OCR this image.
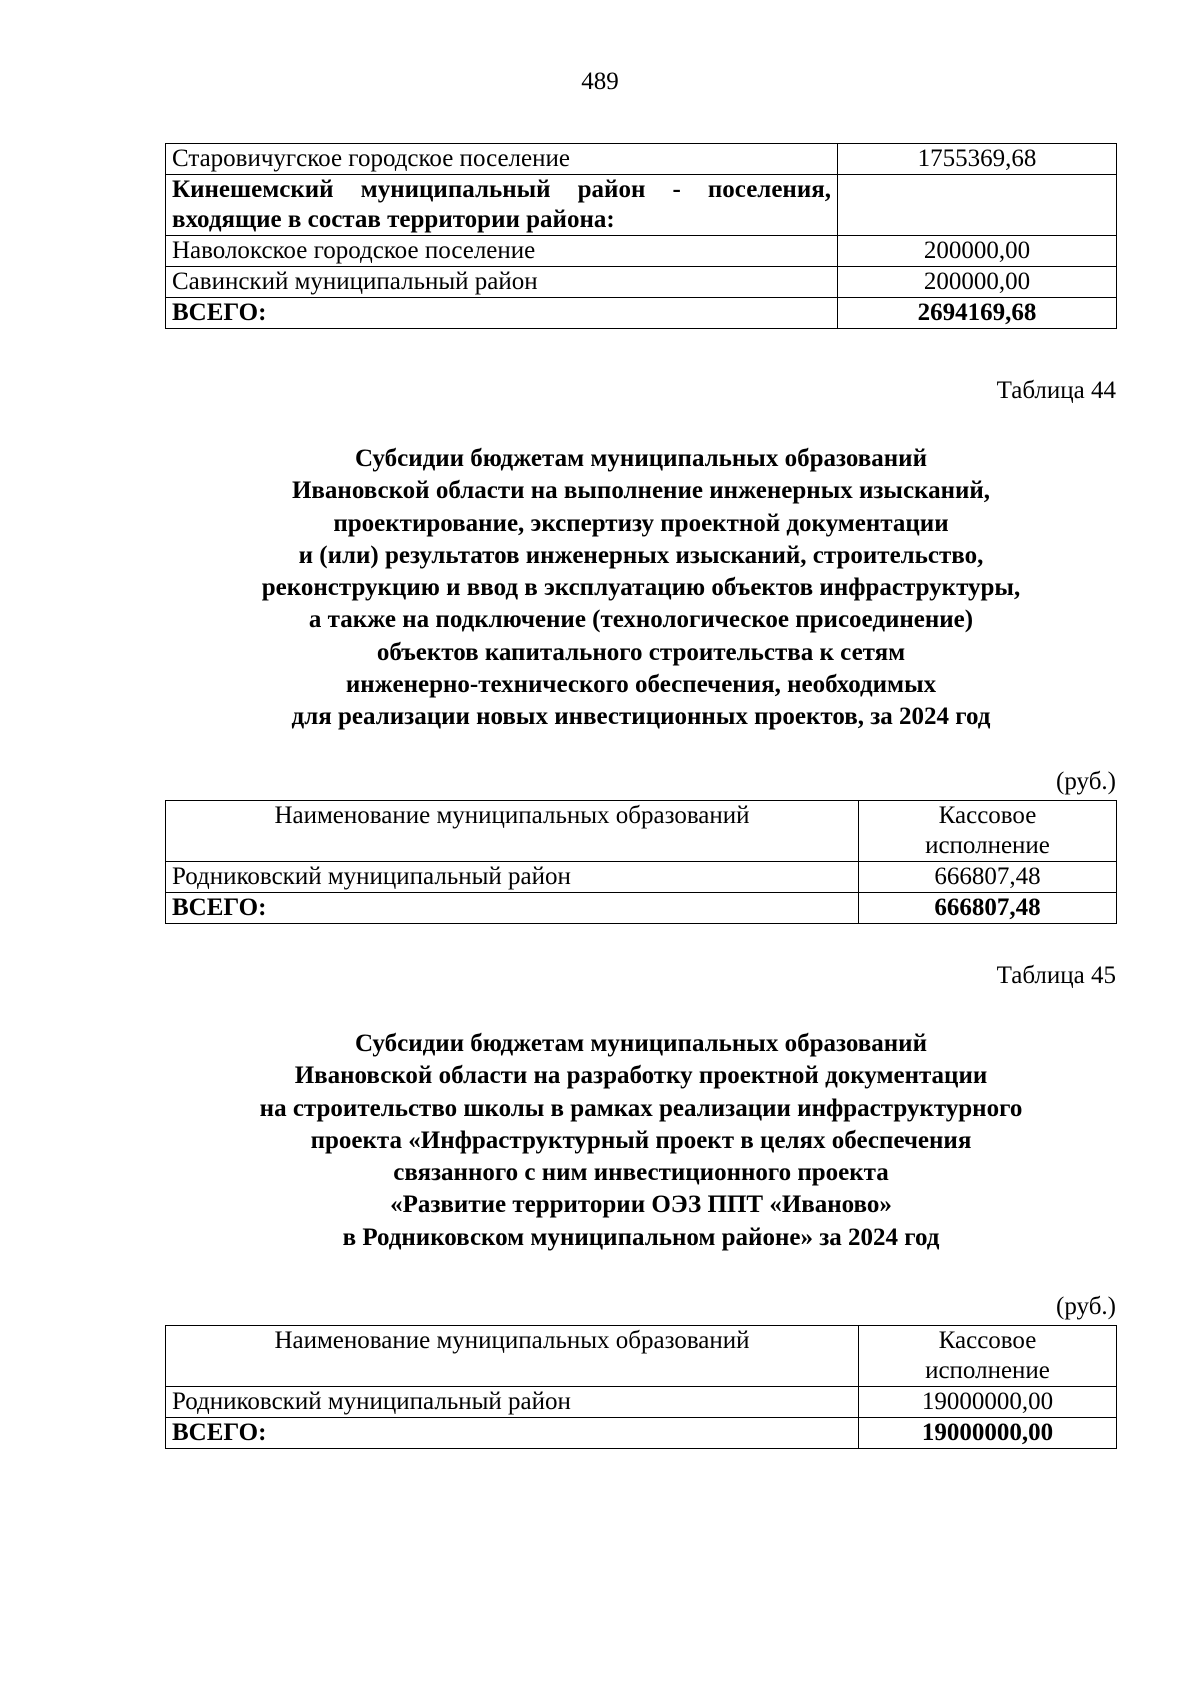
489
Старовичугское городское поселение	1755369,68

Кинешемский муниципальный район - поселения,
входящие в состав территории района:	

Наволокское городское поселение	200000,00
Савинский муниципальный район	200000,00
ВСЕГО:	2694169,68
Таблица 44
Субсидии бюджетам муниципальных образований
Ивановской области на выполнение инженерных изысканий,
проектирование, экспертизу проектной документации
и (или) результатов инженерных изысканий, строительство,
реконструкцию и ввод в эксплуатацию объектов инфраструктуры,
а также на подключение (технологическое присоединение)
объектов капитального строительства к сетям
инженерно-технического обеспечения, необходимых
для реализации новых инвестиционных проектов, за 2024 год
(руб.)
Наименование муниципальных образований	Кассовое
исполнение

Родниковский муниципальный район	666807,48
ВСЕГО:	666807,48
Таблица 45
Субсидии бюджетам муниципальных образований
Ивановской области на разработку проектной документации
на строительство школы в рамках реализации инфраструктурного
проекта «Инфраструктурный проект в целях обеспечения
связанного с ним инвестиционного проекта
«Развитие территории ОЭЗ ППТ «Иваново»
в Родниковском муниципальном районе» за 2024 год
(руб.)
Наименование муниципальных образований	Кассовое
исполнение

Родниковский муниципальный район	19000000,00
ВСЕГО:	19000000,00
